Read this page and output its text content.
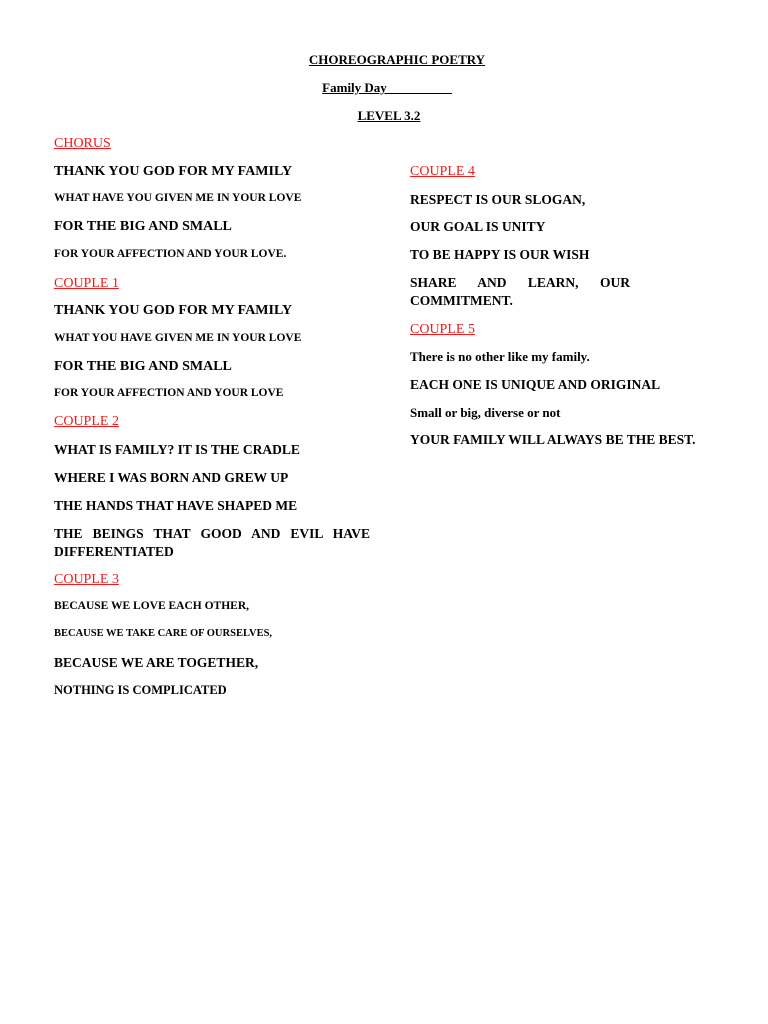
CHOREOGRAPHIC POETRY
Family Day__________
LEVEL 3.2
CHORUS
THANK YOU GOD FOR MY FAMILY
WHAT HAVE YOU GIVEN ME IN YOUR LOVE
FOR THE BIG AND SMALL
FOR YOUR AFFECTION AND YOUR LOVE.
COUPLE 1
THANK YOU GOD FOR MY FAMILY
WHAT YOU HAVE GIVEN ME IN YOUR LOVE
FOR THE BIG AND SMALL
FOR YOUR AFFECTION AND YOUR LOVE
COUPLE 2
WHAT IS FAMILY? IT IS THE CRADLE
WHERE I WAS BORN AND GREW UP
THE HANDS THAT HAVE SHAPED ME
THE BEINGS THAT GOOD AND EVIL HAVE DIFFERENTIATED
COUPLE 3
BECAUSE WE LOVE EACH OTHER,
BECAUSE WE TAKE CARE OF OURSELVES,
BECAUSE WE ARE TOGETHER,
NOTHING IS COMPLICATED
COUPLE 4
RESPECT IS OUR SLOGAN,
OUR GOAL IS UNITY
TO BE HAPPY IS OUR WISH
SHARE AND LEARN, OUR COMMITMENT.
COUPLE 5
There is no other like my family.
EACH ONE IS UNIQUE AND ORIGINAL
Small or big, diverse or not
YOUR FAMILY WILL ALWAYS BE THE BEST.
